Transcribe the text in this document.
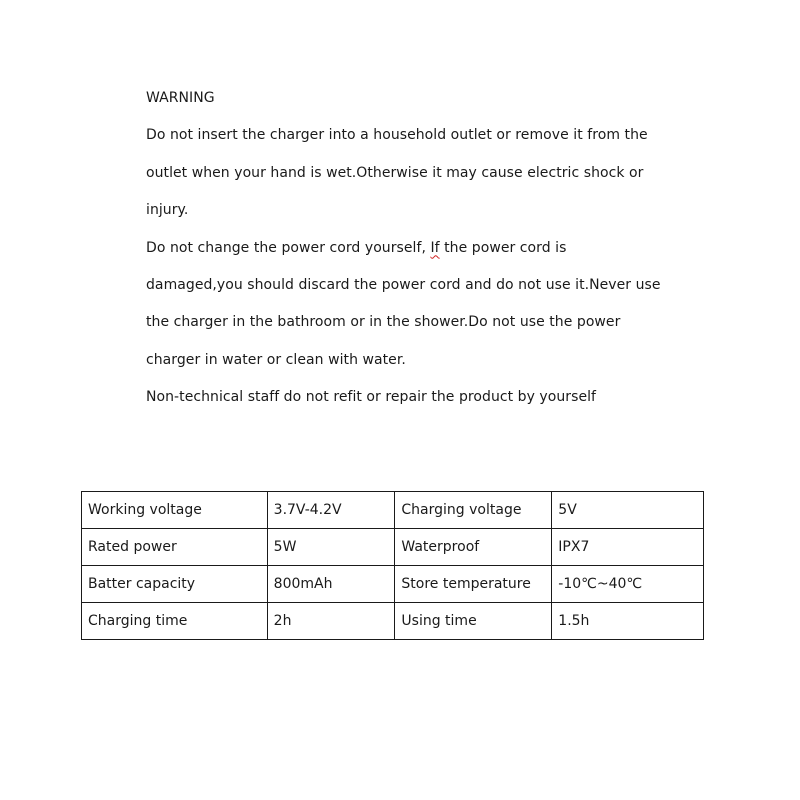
WARNING
Do not insert the charger into a household outlet or remove it from the
outlet when your hand is wet.Otherwise it may cause electric shock or
injury.
Do not change the power cord yourself, If the power cord is
damaged,you should discard the power cord and do not use it.Never use
the charger in the bathroom or in the shower.Do not use the power
charger in water or clean with water.
Non-technical staff do not refit or repair the product by yourself
Working voltage	3.7V-4.2V	Charging voltage	5V
Rated power	5W	Waterproof	IPX7
Batter capacity	800mAh	Store temperature	-10℃~40℃
Charging time	2h	Using time	1.5h
